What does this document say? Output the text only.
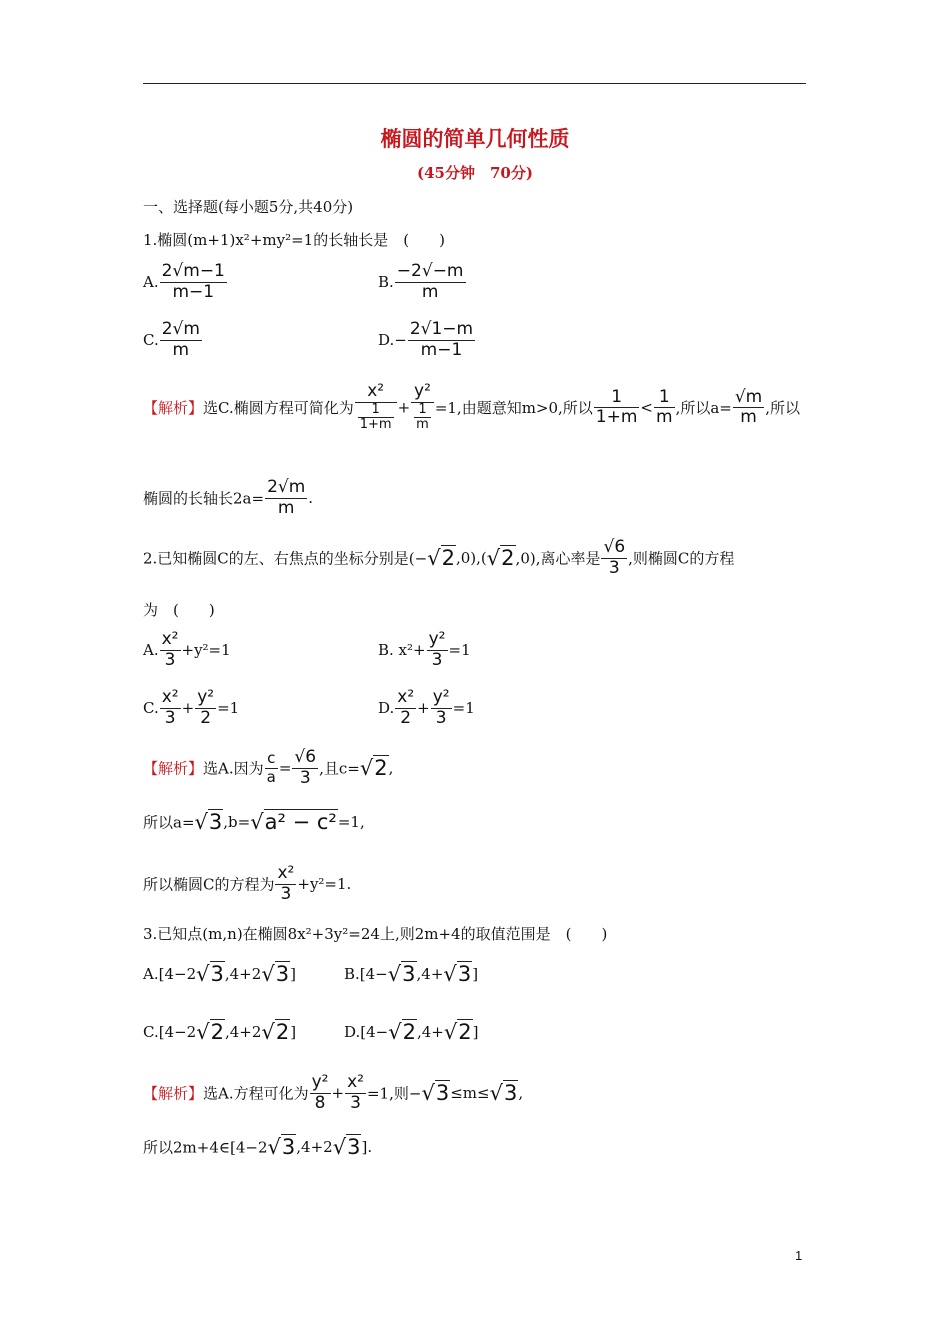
椭圆的简单几何性质
(45分钟　70分)
一、选择题(每小题5分,共40分)
1.椭圆(m+1)x²+my²=1的长轴长是　(　　)
A. $\frac{2√m-1}{m-1}$	B. $\frac{-2√-m}{m}$
C. $\frac{2√m}{m}$	$D.- \frac{2√1-m}{m-1}$
【解析】选C.椭圆方程可简化为 $\frac{\text{x²}}{\frac{1}{1+m}} + \frac{\text{y²}}{\frac{1}{m}} =1$,由题意知m>0,所以 $\frac{1}{1+m} < \frac{1}{m}$ ,所以$a= \frac{√m}{m}$ ,所以
椭圆的长轴长$2a= \frac{2√m}{m}$ .
2.已知椭圆C的左、右焦点的坐标分别是(−√2,0),(√2,0),离心率是 $\frac{√6}{3}$ ,则椭圆C的方程
为　(　　)
A. $\frac{\text{x²}}{3} +y^2=1$	B. $x^2+ \frac{\text{y²}}{3} =1$
C. $\frac{\text{x²}}{3} + \frac{\text{y²}}{2} =1$	D. $\frac{\text{x²}}{2} + \frac{\text{y²}}{3} =1$
【解析】选A.因为 $\frac{c}{a} = \frac{√6}{3}$ ,且c=√2,
所以a=√3,b=√a² − c²=1,
所以椭圆C的方程为 $\frac{\text{x²}}{3} +y^2=1$.
3.已知点(m,n)在椭圆8x²+3y²=24上,则2m+4的取值范围是　(　　)
A.[4−2√3,4+2√3]	B.[4−√3,4+√3]
C.[4−2√2,4+2√2]	D.[4−√2,4+√2]
【解析】选A.方程可化为 $\frac{\text{y²}}{8} + \frac{\text{x²}}{3} =1$,则−√3≤m≤√3,
所以2m+4∈[4−2√3,4+2√3].
1
